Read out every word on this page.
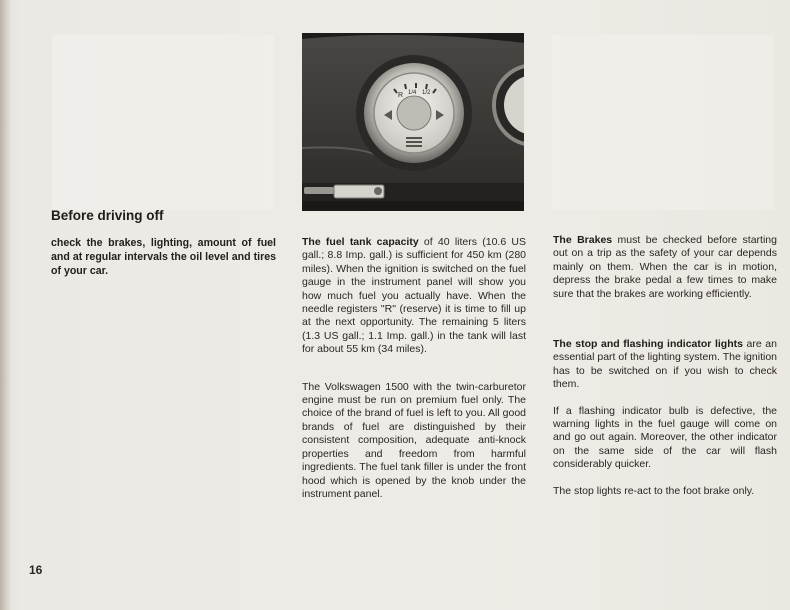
Before driving off

check the brakes, lighting, amount of fuel and at regular intervals the oil level and tires of your car.

R 1/4 1/2

The fuel tank capacity of 40 liters (10.6 US gall.; 8.8 Imp. gall.) is sufficient for 450 km (280 miles). When the ignition is switched on the fuel gauge in the instrument panel will show you how much fuel you actually have. When the needle registers "R" (reserve) it is time to fill up at the next opportunity. The remaining 5 liters (1.3 US gall.; 1.1 Imp. gall.) in the tank will last for about 55 km (34 miles).

The Volkswagen 1500 with the twin-carburetor engine must be run on premium fuel only. The choice of the brand of fuel is left to you. All good brands of fuel are distinguished by their consistent composition, adequate anti-knock properties and freedom from harmful ingredients. The fuel tank filler is under the front hood which is opened by the knob under the instrument panel.

The Brakes must be checked before starting out on a trip as the safety of your car depends mainly on them. When the car is in motion, depress the brake pedal a few times to make sure that the brakes are working efficiently.

The stop and flashing indicator lights are an essential part of the lighting system. The ignition has to be switched on if you wish to check them.

If a flashing indicator bulb is defective, the warning lights in the fuel gauge will come on and go out again. Moreover, the other indicator on the same side of the car will flash considerably quicker.

The stop lights re-act to the foot brake only.

16
